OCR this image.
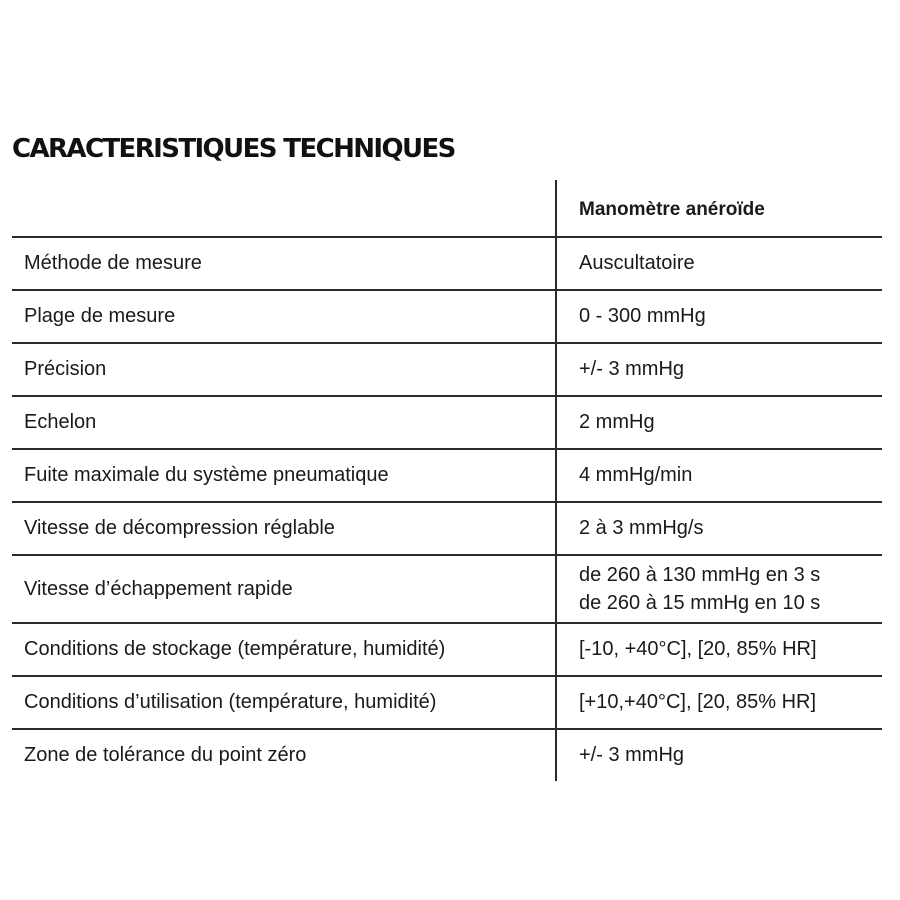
CARACTERISTIQUES TECHNIQUES
	Manomètre anéroïde
Méthode de mesure	Auscultatoire
Plage de mesure	0 - 300 mmHg
Précision	+/- 3 mmHg
Echelon	2 mmHg
Fuite maximale du système pneumatique	4 mmHg/min
Vitesse de décompression réglable	2 à 3 mmHg/s
Vitesse d’échappement rapide	de 260 à 130 mmHg en 3 s
de 260 à 15 mmHg en 10 s

Conditions de stockage (température, humidité)	[-10, +40°C], [20, 85% HR]
Conditions d’utilisation (température, humidité)	[+10,+40°C], [20, 85% HR]
Zone de tolérance du point zéro	+/- 3 mmHg
